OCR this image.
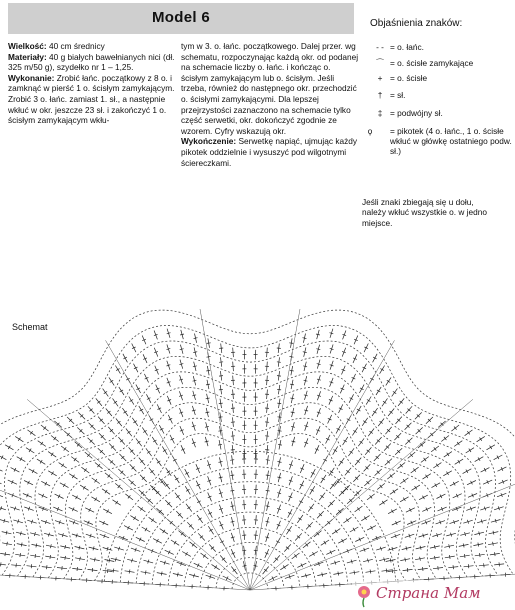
Model 6

Wielkość: 40 cm średnicy

Materiały: 40 g białych bawełnianych nici (dł. 325 m/50 g), szydełko nr 1 – 1,25.

Wykonanie: Zrobić łańc. początkowy z 8 o. i zamknąć w pierść 1 o. ścisłym zamykającym. Zrobić 3 o. łańc. zamiast 1. sł., a następnie wkłuć w okr. jeszcze 23 sł. i zakończyć 1 o. ścisłym zamykającym wkłu-

tym w 3. o. łańc. początkowego. Dalej przer. wg schematu, rozpoczynając każdą okr. od podanej na schemacie liczby o. łańc. i kończąc o. ścisłym zamykającym lub o. ścisłym. Jeśli trzeba, również do następnego okr. przechodzić o. ścisłymi zamykającymi. Dla lepszej przejrzystości zaznaczono na schemacie tylko część serwetki, okr. dokończyć zgodnie ze wzorem. Cyfry wskazują okr.

Wykończenie: Serwetkę napiąć, ujmując każdy pikotek oddzielnie i wysuszyć pod wilgotnymi ściereczkami.

Objaśnienia znaków:
- - = o. łańc.
⌒ = o. ścisłe zamykające
+ = o. ścisłe
† = sł.
‡ = podwójny sł.
ϙ = pikotek (4 o. łańc., 1 o. ścisłe wkłuć w główkę ostatniego podw. sł.)
Jeśli znaki zbiegają się u dołu, należy wkłuć wszystkie o. w jedno miejsce.
Schemat
Страна Мам
